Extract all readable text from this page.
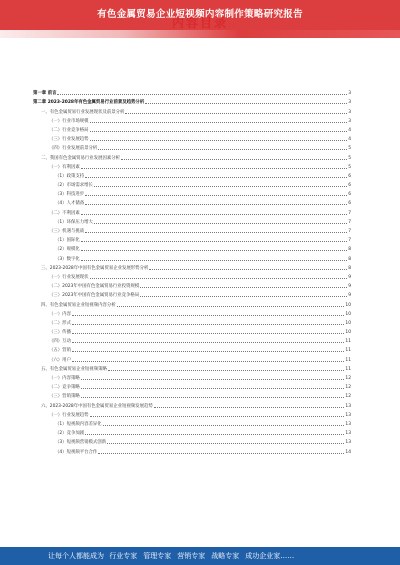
有色金属贸易企业短视频内容制作策略研究报告
内容目录
第一章 前言	3
第二章 2023-2028年有色金属贸易行业前景及趋势分析	3
一、有色金属贸易行业发展现状及前景分析	3
（一）行业市场规模	3
（二）行业竞争格局	4
（三）行业发展趋势	4
（四）行业发展前景分析	5
二、我国有色金属贸易行业发展因素分析	5
（一）有利因素	5
（1）政策支持	6
（2）市场需求增长	6
（3）科技进步	6
（4）人才储备	6
（二）不利因素	7
（1）环保压力增大	7
（三）机遇与挑战	7
（1）国际化	7
（2）规模化	8
（3）数字化	8
三、2023-2028年中国有色金属贸易企业发展形势分析	8
（一）行业发展现状	9
（二）2023年中国有色金属贸易行业投资规模	9
（三）2023年中国有色金属贸易行业竞争格局	9
四、有色金属贸易企业短视频内容分析	10
（一）内容	10
（二）形式	10
（三）传播	10
（四）互动	11
（五）营销	11
（六）用户	11
五、有色金属贸易企业短视频策略	11
（一）内容策略	12
（二）竞争策略	12
（三）营销策略	12
六、2023-2028年中国有色金属贸易企业短视频发展趋势	13
（一）行业发展趋势	13
（1）短视频内容差异化	13
（2）竞争加剧	13
（3）短视频营销模式创新	13
（4）短视频平台合作	14
让每个人都能成为 行业专家 管理专家 营销专家 战略专家 成功企业家……
